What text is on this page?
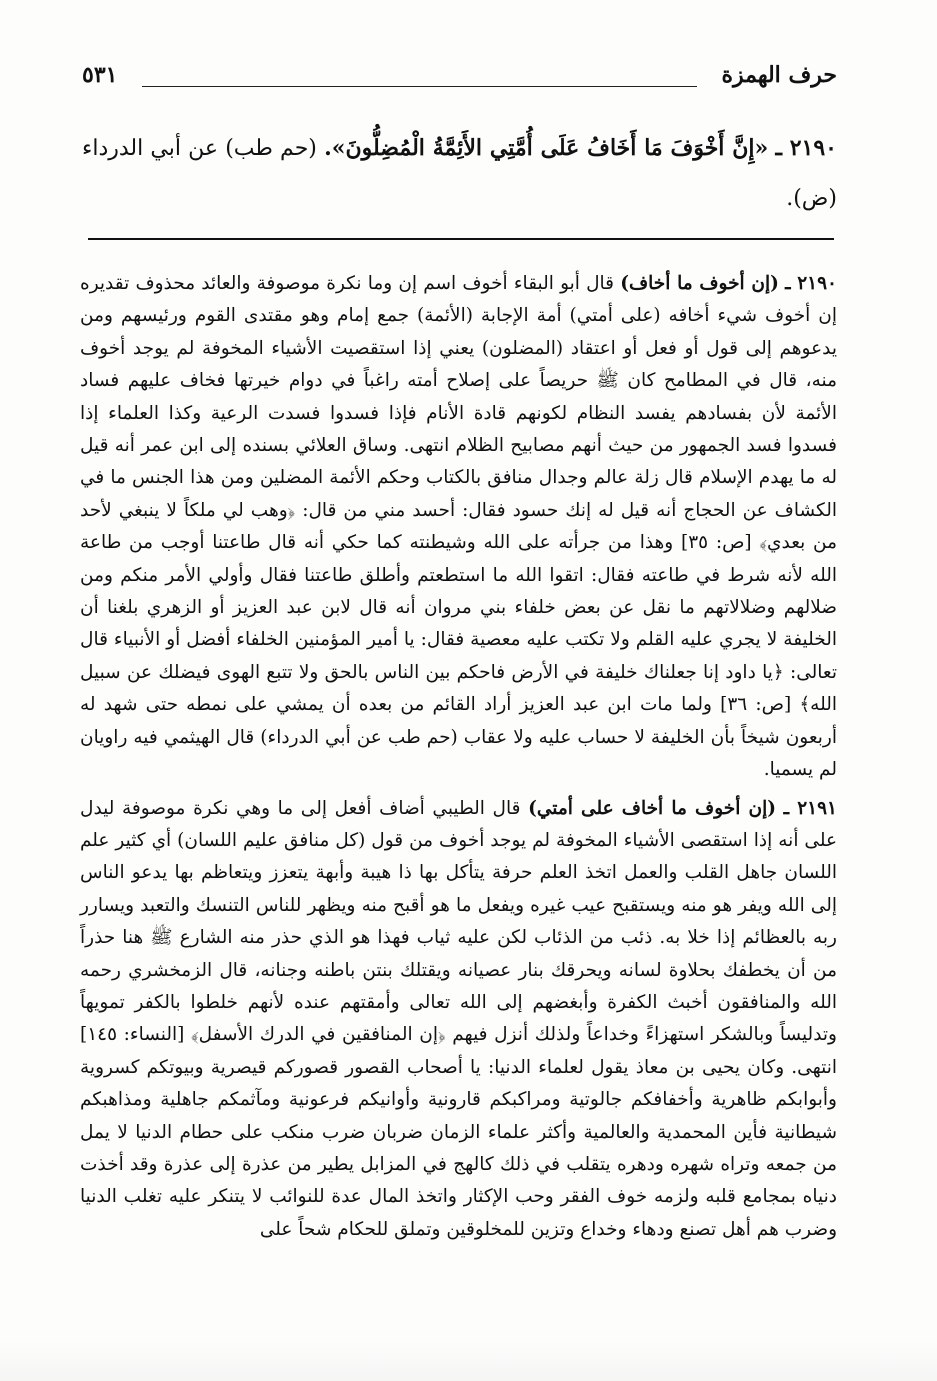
حرف الهمزة
٥٣١
٢١٩٠ ـ «إِنَّ أَخْوَفَ مَا أَخَافُ عَلَى أُمَّتِي الأَئِمَّةُ الْمُضِلُّونَ». (حم طب) عن أبي الدرداء (ض).

٢١٩٠ ـ (إن أخوف ما أخاف) قال أبو البقاء أخوف اسم إن وما نكرة موصوفة والعائد محذوف تقديره إن أخوف شيء أخافه (على أمتي) أمة الإجابة (الأئمة) جمع إمام وهو مقتدى القوم ورئيسهم ومن يدعوهم إلى قول أو فعل أو اعتقاد (المضلون) يعني إذا استقصيت الأشياء المخوفة لم يوجد أخوف منه، قال في المطامح كان ﷺ حريصاً على إصلاح أمته راغباً في دوام خيرتها فخاف عليهم فساد الأئمة لأن بفسادهم يفسد النظام لكونهم قادة الأنام فإذا فسدوا فسدت الرعية وكذا العلماء إذا فسدوا فسد الجمهور من حيث أنهم مصابيح الظلام انتهى. وساق العلائي بسنده إلى ابن عمر أنه قيل له ما يهدم الإسلام قال زلة عالم وجدال منافق بالكتاب وحكم الأئمة المضلين ومن هذا الجنس ما في الكشاف عن الحجاج أنه قيل له إنك حسود فقال: أحسد مني من قال: ﴿وهب لي ملكاً لا ينبغي لأحد من بعدي﴾ [ص: ٣٥] وهذا من جرأته على الله وشيطنته كما حكي أنه قال طاعتنا أوجب من طاعة الله لأنه شرط في طاعته فقال: اتقوا الله ما استطعتم وأطلق طاعتنا فقال وأولي الأمر منكم ومن ضلالهم وضلالاتهم ما نقل عن بعض خلفاء بني مروان أنه قال لابن عبد العزيز أو الزهري بلغنا أن الخليفة لا يجري عليه القلم ولا تكتب عليه معصية فقال: يا أمير المؤمنين الخلفاء أفضل أو الأنبياء قال تعالى: ﴿يا داود إنا جعلناك خليفة في الأرض فاحكم بين الناس بالحق ولا تتبع الهوى فيضلك عن سبيل الله﴾ [ص: ٣٦] ولما مات ابن عبد العزيز أراد القائم من بعده أن يمشي على نمطه حتى شهد له أربعون شيخاً بأن الخليفة لا حساب عليه ولا عقاب (حم طب عن أبي الدرداء) قال الهيثمي فيه راويان لم يسميا.

٢١٩١ ـ (إن أخوف ما أخاف على أمتي) قال الطيبي أضاف أفعل إلى ما وهي نكرة موصوفة ليدل على أنه إذا استقصى الأشياء المخوفة لم يوجد أخوف من قول (كل منافق عليم اللسان) أي كثير علم اللسان جاهل القلب والعمل اتخذ العلم حرفة يتأكل بها ذا هيبة وأبهة يتعزز ويتعاظم بها يدعو الناس إلى الله ويفر هو منه ويستقبح عيب غيره ويفعل ما هو أقبح منه ويظهر للناس التنسك والتعبد ويسارر ربه بالعظائم إذا خلا به. ذئب من الذئاب لكن عليه ثياب فهذا هو الذي حذر منه الشارع ﷺ هنا حذراً من أن يخطفك بحلاوة لسانه ويحرقك بنار عصيانه ويقتلك بنتن باطنه وجنانه، قال الزمخشري رحمه الله والمنافقون أخبث الكفرة وأبغضهم إلى الله تعالى وأمقتهم عنده لأنهم خلطوا بالكفر تمويهاً وتدليساً وبالشكر استهزاءً وخداعاً ولذلك أنزل فيهم ﴿إن المنافقين في الدرك الأسفل﴾ [النساء: ١٤٥] انتهى. وكان يحيى بن معاذ يقول لعلماء الدنيا: يا أصحاب القصور قصوركم قيصرية وبيوتكم كسروية وأبوابكم ظاهرية وأخفافكم جالوتية ومراكبكم قارونية وأوانيكم فرعونية ومآثمكم جاهلية ومذاهبكم شيطانية فأين المحمدية والعالمية وأكثر علماء الزمان ضربان ضرب منكب على حطام الدنيا لا يمل من جمعه وتراه شهره ودهره يتقلب في ذلك كالهج في المزابل يطير من عذرة إلى عذرة وقد أخذت دنياه بمجامع قلبه ولزمه خوف الفقر وحب الإكثار واتخذ المال عدة للنوائب لا يتنكر عليه تغلب الدنيا وضرب هم أهل تصنع ودهاء وخداع وتزين للمخلوقين وتملق للحكام شحاً على
